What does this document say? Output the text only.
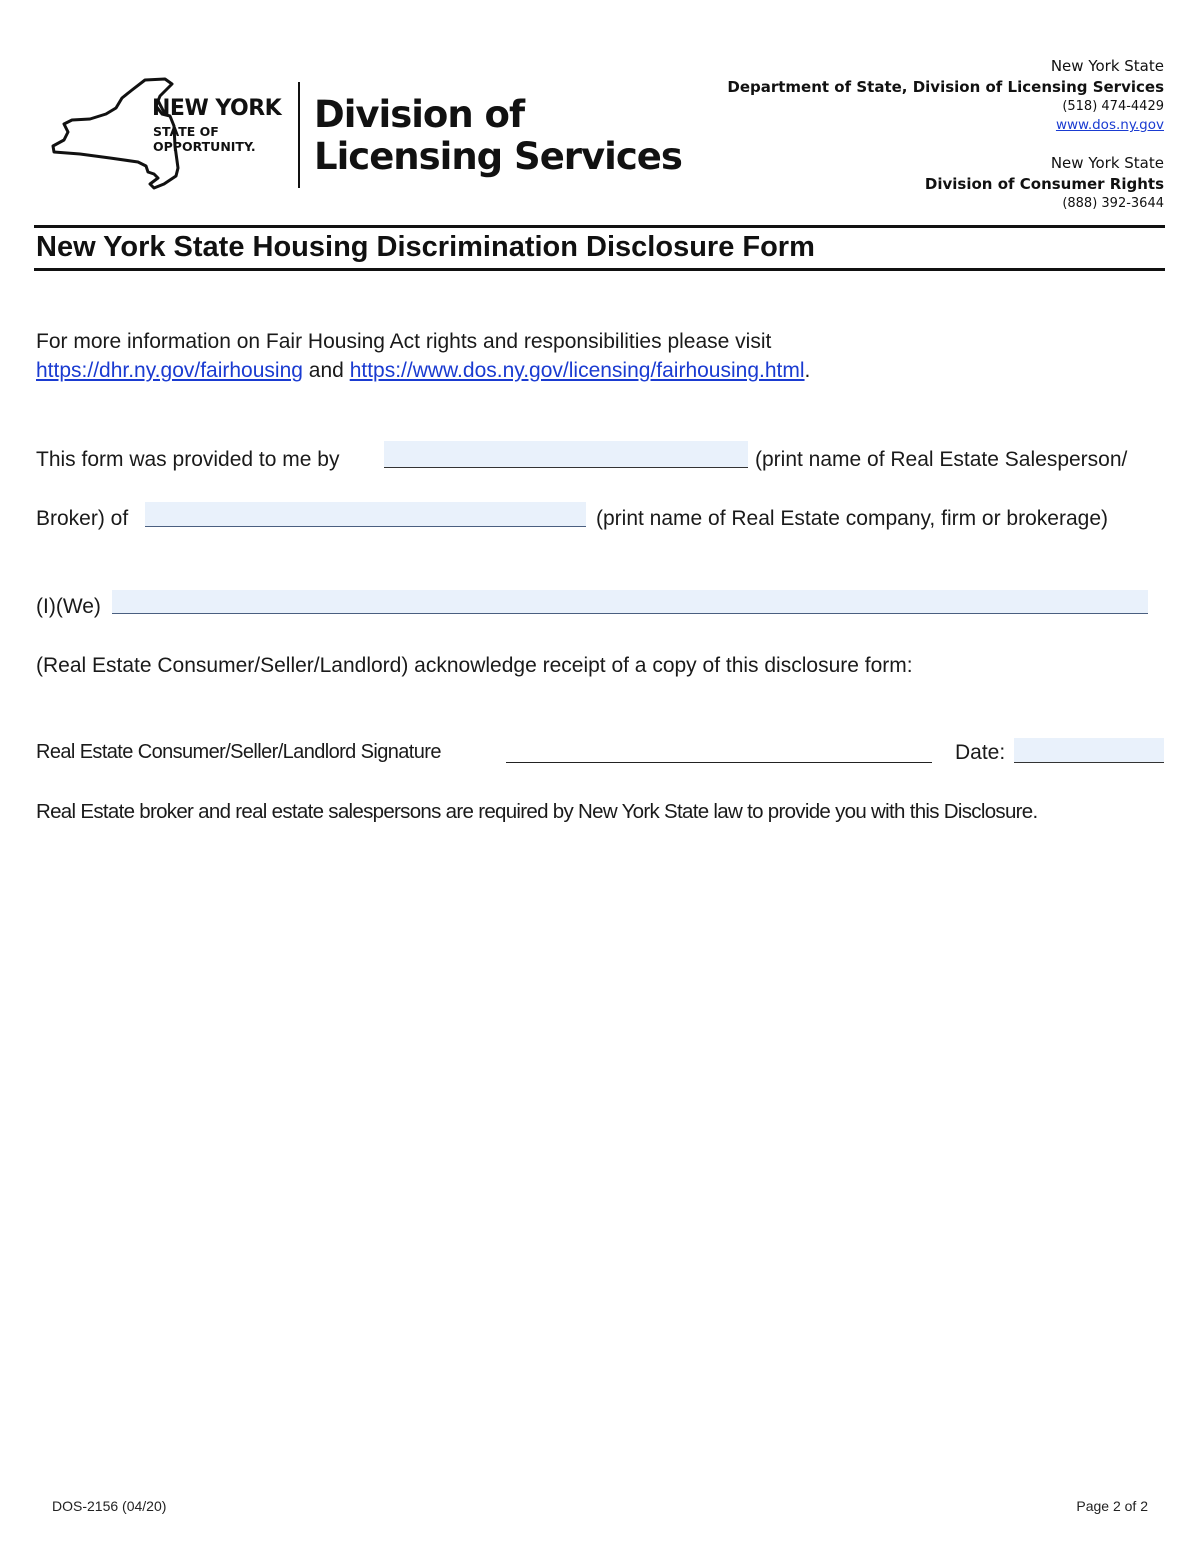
NEW YORK
STATE OF
OPPORTUNITY.
Division of
Licensing Services
New York State
Department of State, Division of Licensing Services
(518) 474-4429
www.dos.ny.gov
New York State
Division of Consumer Rights
(888) 392-3644
New York State Housing Discrimination Disclosure Form
For more information on Fair Housing Act rights and responsibilities please visit
https://dhr.ny.gov/fairhousing and https://www.dos.ny.gov/licensing/fairhousing.html.
This form was provided to me by	(print name of Real Estate Salesperson/
Broker) of	(print name of Real Estate company, firm or brokerage)
(I)(We)
(Real Estate Consumer/Seller/Landlord) acknowledge receipt of a copy of this disclosure form:
Real Estate Consumer/Seller/Landlord Signature	Date:
Real Estate broker and real estate salespersons are required by New York State law to provide you with this Disclosure.
DOS-2156 (04/20)	Page 2 of 2
